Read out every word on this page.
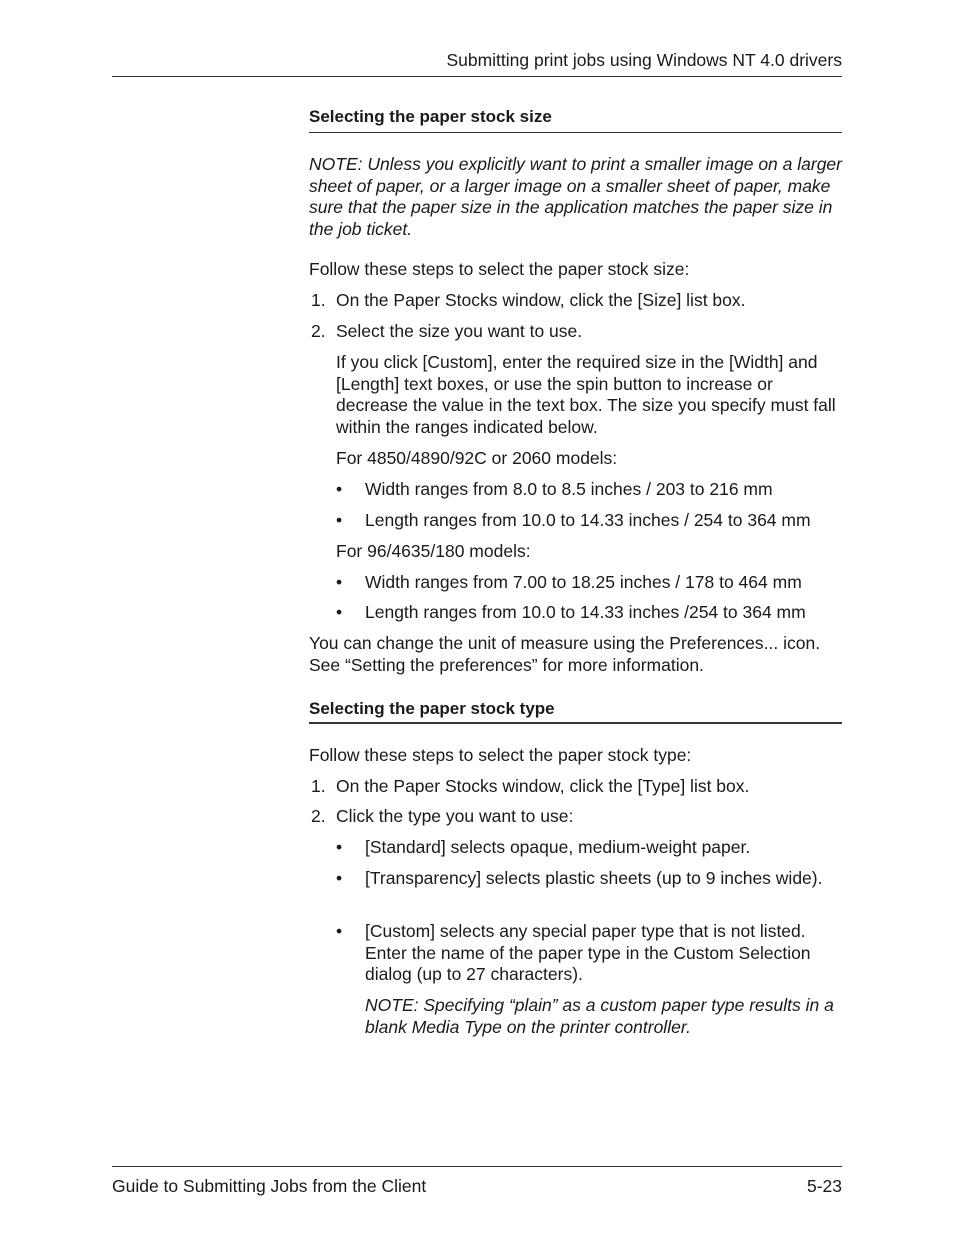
Submitting print jobs using Windows NT 4.0 drivers
Selecting the paper stock size

NOTE: Unless you explicitly want to print a smaller image on a larger sheet of paper, or a larger image on a smaller sheet of paper, make sure that the paper size in the application matches the paper size in the job ticket.

Follow these steps to select the paper stock size:

1. On the Paper Stocks window, click the [Size] list box.
2. Select the size you want to use.

If you click [Custom], enter the required size in the [Width] and [Length] text boxes, or use the spin button to increase or decrease the value in the text box. The size you specify must fall within the ranges indicated below.

For 4850/4890/92C or 2060 models:

• Width ranges from 8.0 to 8.5 inches / 203 to 216 mm
• Length ranges from 10.0 to 14.33 inches / 254 to 364 mm

For 96/4635/180 models:

• Width ranges from 7.00 to 18.25 inches / 178 to 464 mm
• Length ranges from 10.0 to 14.33 inches /254 to 364 mm

You can change the unit of measure using the Preferences... icon. See “Setting the preferences” for more information.

Selecting the paper stock type

Follow these steps to select the paper stock type:

1. On the Paper Stocks window, click the [Type] list box.
2. Click the type you want to use:
• [Standard] selects opaque, medium-weight paper.
• [Transparency] selects plastic sheets (up to 9 inches wide).
• [Custom] selects any special paper type that is not listed. Enter the name of the paper type in the Custom Selection dialog (up to 27 characters).

NOTE: Specifying “plain” as a custom paper type results in a blank Media Type on the printer controller.

Guide to Submitting Jobs from the Client	5-23
